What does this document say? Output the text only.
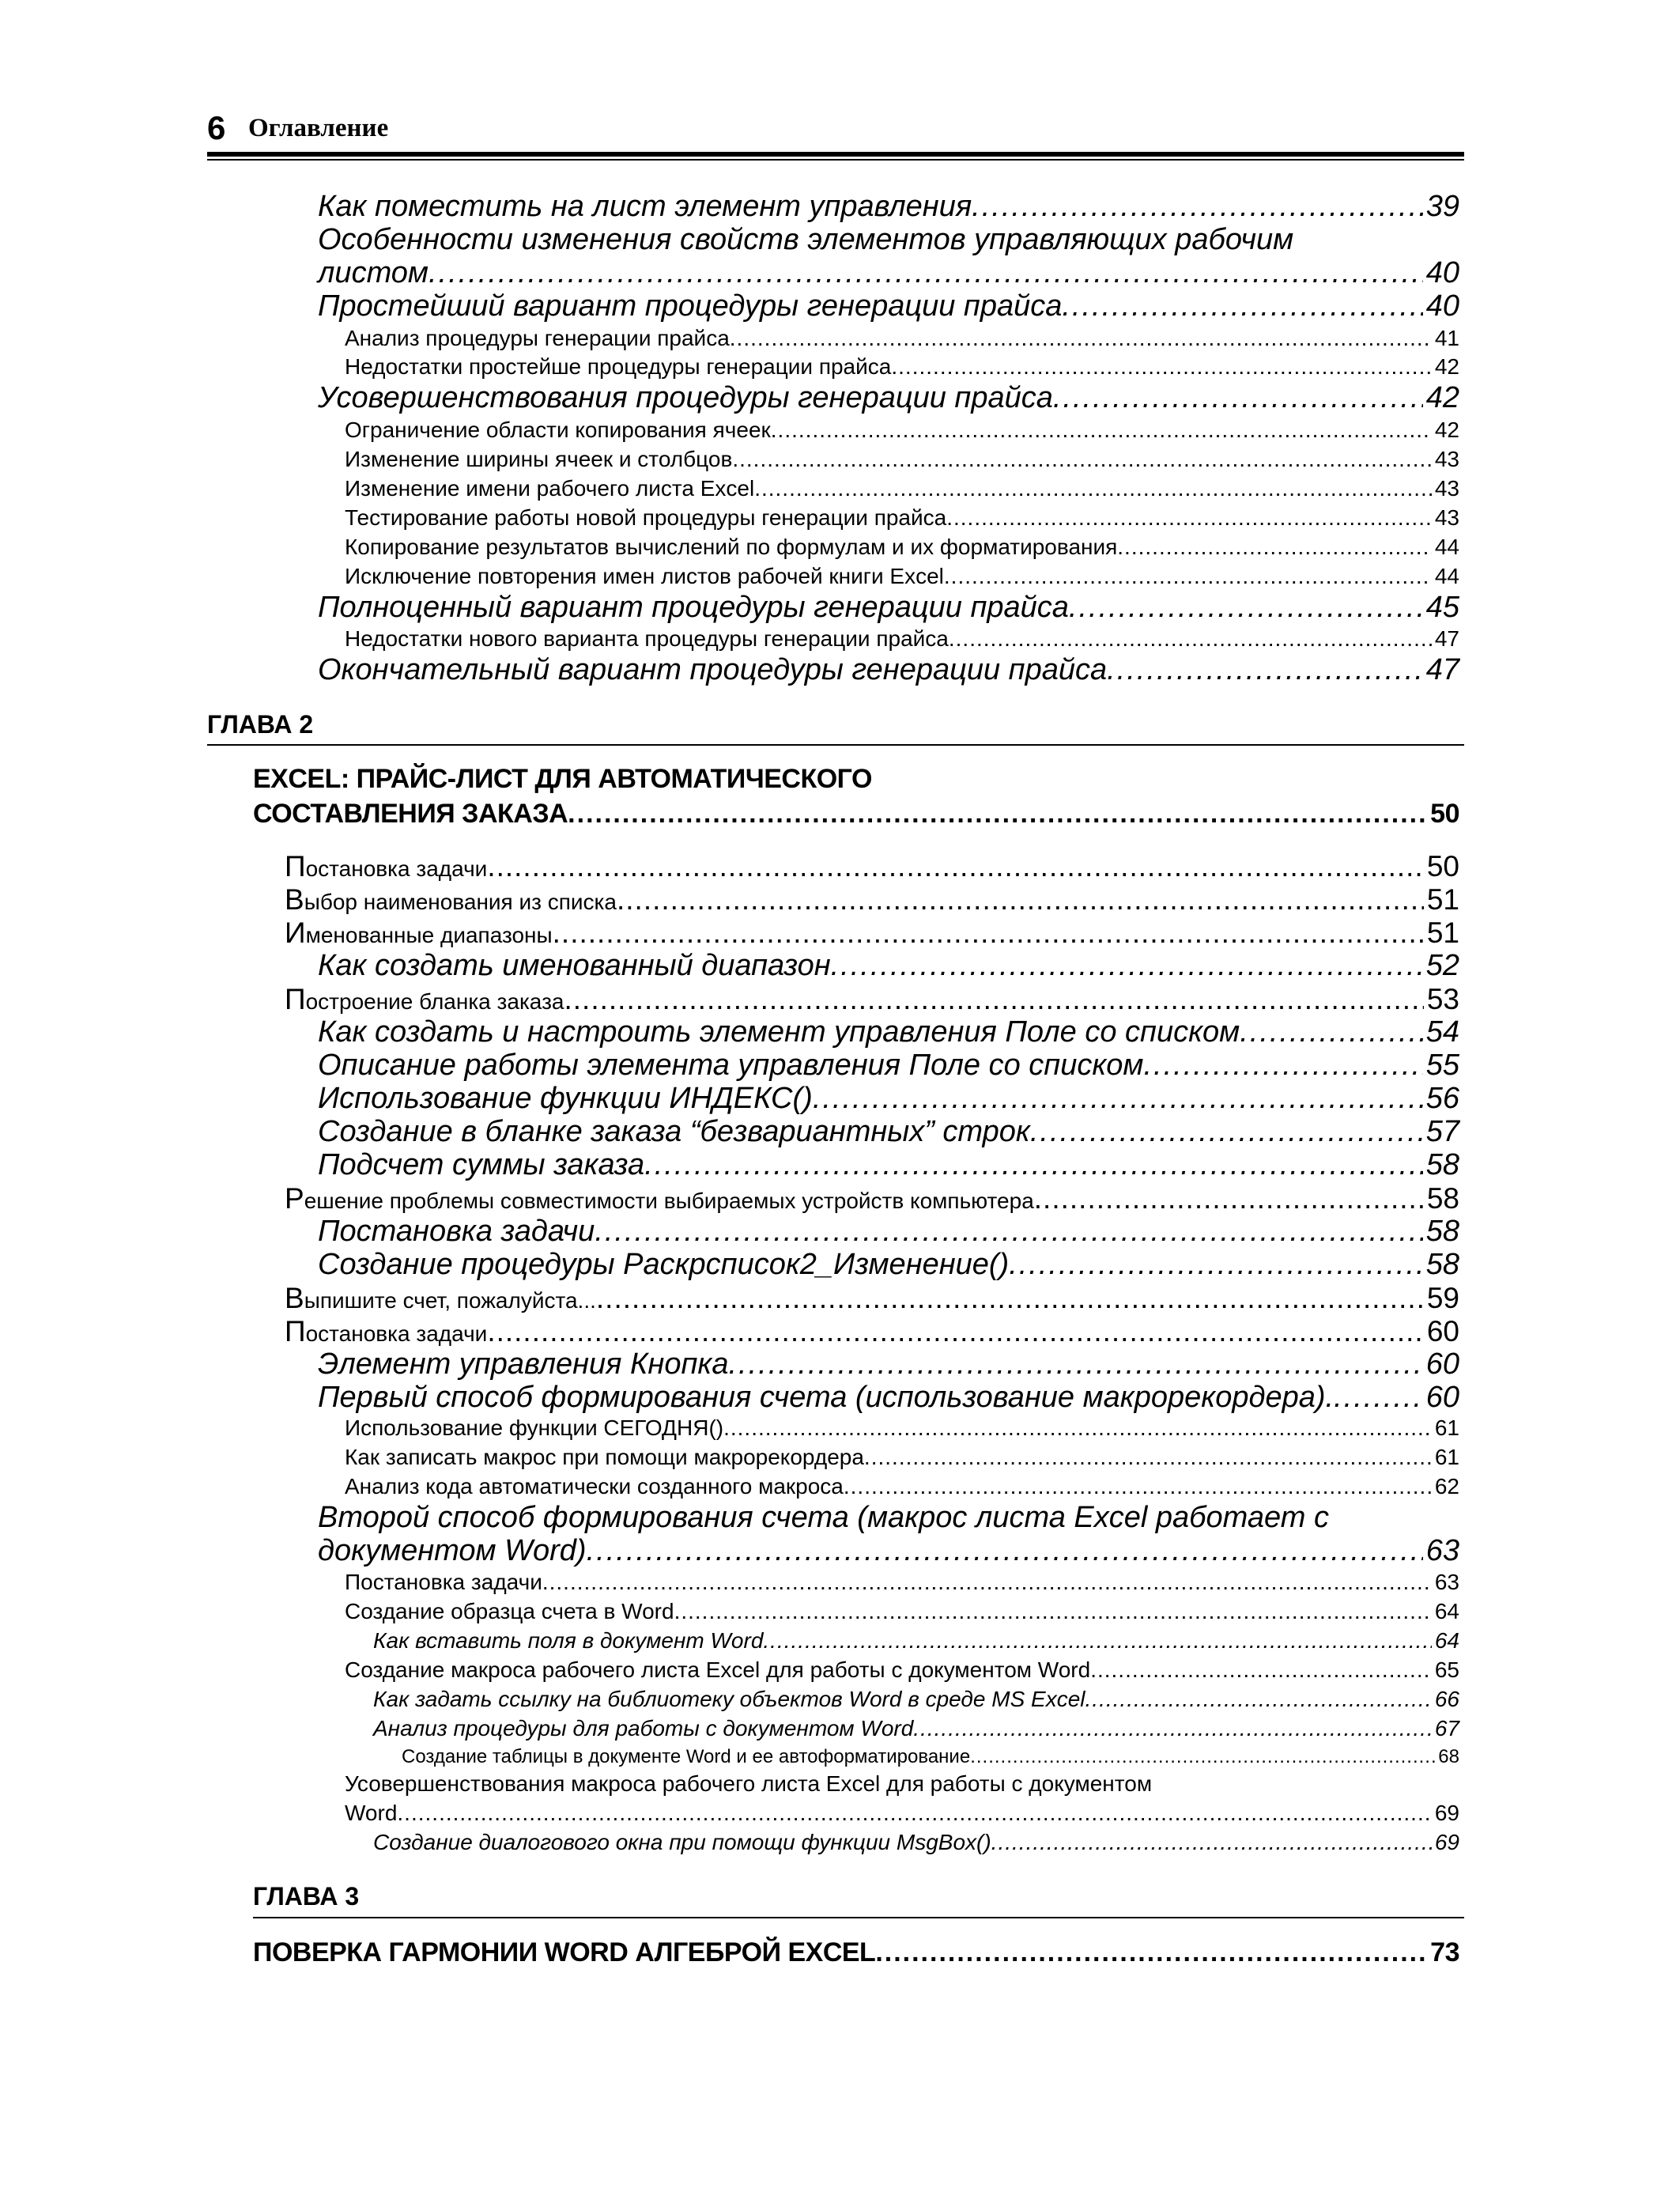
6 Оглавление
Как поместить на лист элемент управления .....	39
Особенности изменения свойств элементов управляющих рабочим
листом .....	40
Простейший вариант процедуры генерации прайса .....	40
Анализ процедуры генерации прайса .....	41
Недостатки простейше процедуры генерации прайса .....	42
Усовершенствования процедуры генерации прайса .....	42
Ограничение области копирования ячеек .....	42
Изменение ширины ячеек и столбцов .....	43
Изменение имени рабочего листа Excel .....	43
Тестирование работы новой процедуры генерации прайса .....	43
Копирование результатов вычислений по формулам и их форматирования .....	44
Исключение повторения имен листов рабочей книги Excel .....	44
Полноценный вариант процедуры генерации прайса .....	45
Недостатки нового варианта процедуры генерации прайса .....	47
Окончательный вариант процедуры генерации прайса .....	47
ГЛАВА 2
EXCEL: ПРАЙС-ЛИСТ ДЛЯ АВТОМАТИЧЕСКОГО
СОСТАВЛЕНИЯ ЗАКАЗА .....	50
Постановка задачи .....	50
Выбор наименования из списка .....	51
Именованные диапазоны .....	51
Как создать именованный диапазон .....	52
Построение бланка заказа .....	53
Как создать и настроить элемент управления Поле со списком .....	54
Описание работы элемента управления Поле со списком .....	55
Использование функции ИНДЕКС() .....	56
Создание в бланке заказа “безвариантных” строк .....	57
Подсчет суммы заказа .....	58
Решение проблемы совместимости выбираемых устройств компьютера .....	58
Постановка задачи .....	58
Создание процедуры Раскрсписок2_Изменение() .....	58
Выпишите счет, пожалуйста... .....	59
Постановка задачи .....	60
Элемент управления Кнопка .....	60
Первый способ формирования счета (использование макрорекордера). .....	60
Использование функции СЕГОДНЯ() .....	61
Как записать макрос при помощи макрорекордера .....	61
Анализ кода автоматически созданного макроса .....	62
Второй способ формирования счета (макрос листа Excel работает с
документом Word) .....	63
Постановка задачи .....	63
Создание образца счета в Word .....	64
Как вставить поля в документ Word .....	64
Создание макроса рабочего листа Excel для работы с документом Word .....	65
Как задать ссылку на библиотеку объектов Word в среде MS Excel .....	66
Анализ процедуры для работы с документом Word .....	67
Создание таблицы в документе Word и ее автоформатирование .....	68
Усовершенствования макроса рабочего листа Excel для работы с документом
Word .....	69
Создание диалогового окна при помощи функции MsgBox() .....	69
ГЛАВА 3
ПОВЕРКА ГАРМОНИИ WORD АЛГЕБРОЙ EXCEL .....	73
